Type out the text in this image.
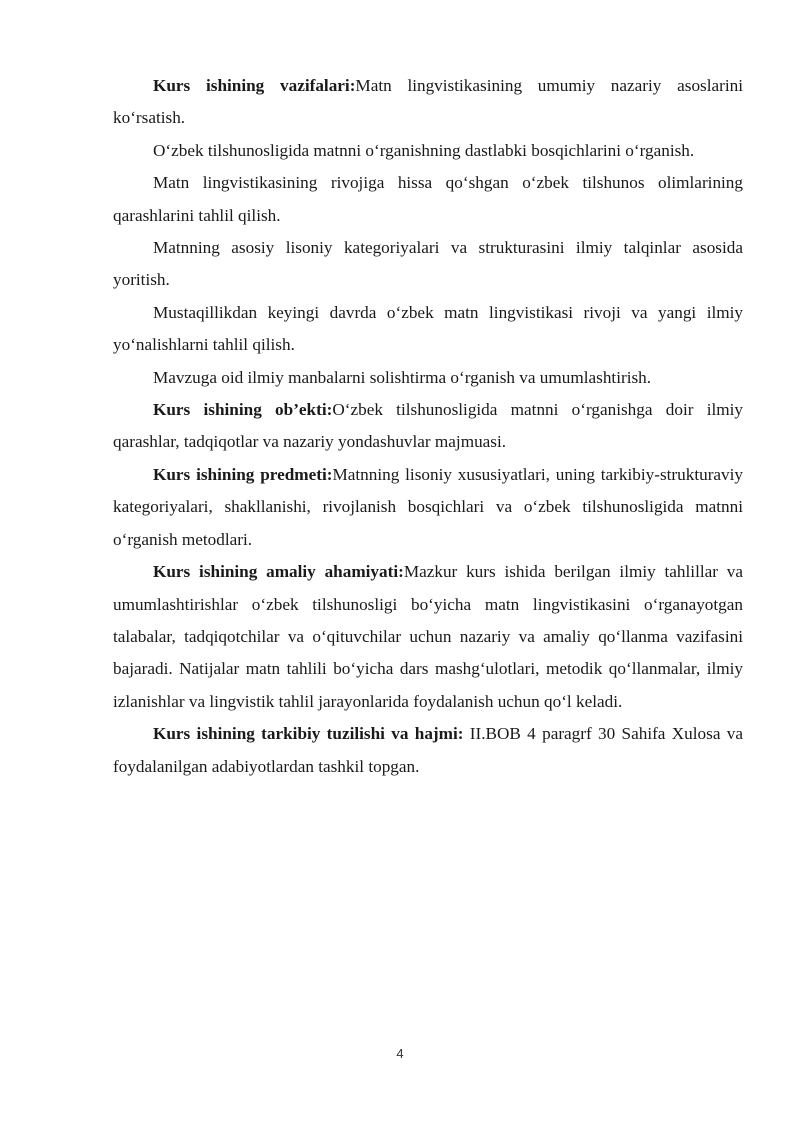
Kurs ishining vazifalari:Matn lingvistikasining umumiy nazariy asoslarini ko‘rsatish.

O‘zbek tilshunosligida matnni o‘rganishning dastlabki bosqichlarini o‘rganish.

Matn lingvistikasining rivojiga hissa qo‘shgan o‘zbek tilshunos olimlarining qarashlarini tahlil qilish.

Matnning asosiy lisoniy kategoriyalari va strukturasini ilmiy talqinlar asosida yoritish.

Mustaqillikdan keyingi davrda o‘zbek matn lingvistikasi rivoji va yangi ilmiy yo‘nalishlarni tahlil qilish.

Mavzuga oid ilmiy manbalarni solishtirma o‘rganish va umumlashtirish.

Kurs ishining ob’ekti:O‘zbek tilshunosligida matnni o‘rganishga doir ilmiy qarashlar, tadqiqotlar va nazariy yondashuvlar majmuasi.

Kurs ishining predmeti:Matnning lisoniy xususiyatlari, uning tarkibiy-strukturaviy kategoriyalari, shakllanishi, rivojlanish bosqichlari va o‘zbek tilshunosligida matnni o‘rganish metodlari.

Kurs ishining amaliy ahamiyati:Mazkur kurs ishida berilgan ilmiy tahlillar va umumlashtirishlar o‘zbek tilshunosligi bo‘yicha matn lingvistikasini o‘rganayotgan talabalar, tadqiqotchilar va o‘qituvchilar uchun nazariy va amaliy qo‘llanma vazifasini bajaradi. Natijalar matn tahlili bo‘yicha dars mashg‘ulotlari, metodik qo‘llanmalar, ilmiy izlanishlar va lingvistik tahlil jarayonlarida foydalanish uchun qo‘l keladi.

Kurs ishining tarkibiy tuzilishi va hajmi: II.BOB 4 paragrf 30 Sahifa Xulosa va foydalanilgan adabiyotlardan tashkil topgan.

4
